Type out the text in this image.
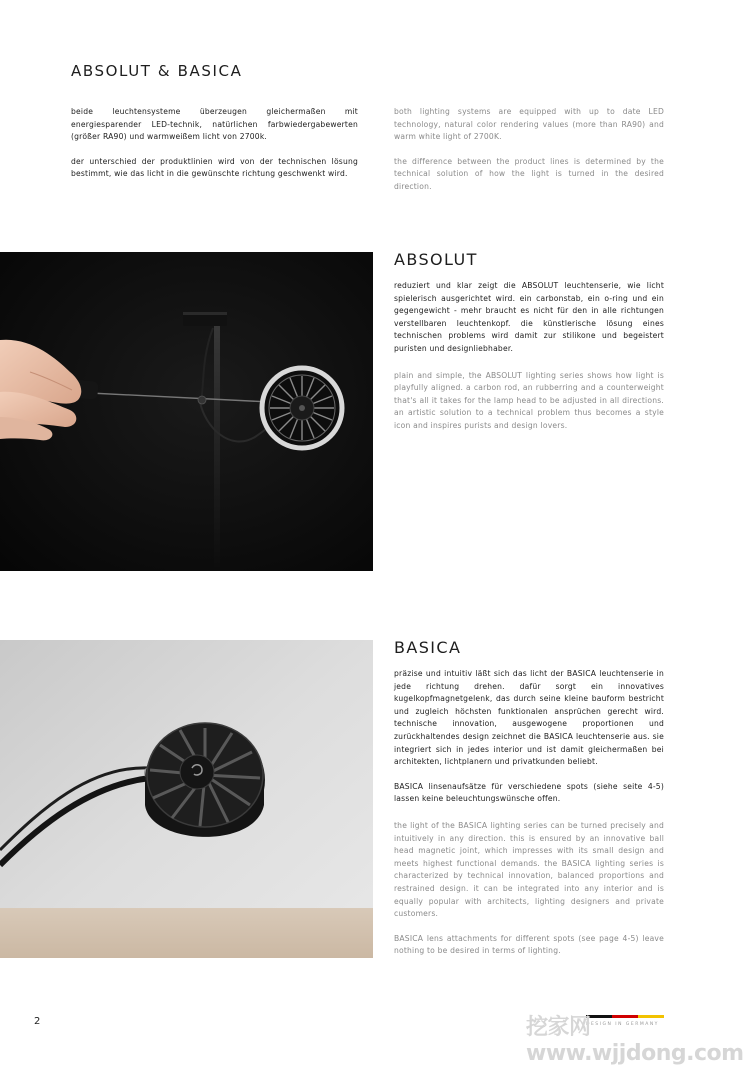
ABSOLUT & BASICA

beide leuchtensysteme überzeugen gleichermaßen mit energiesparender LED-technik, natürlichen farbwiedergabewerten (größer RA90) und warmweißem licht von 2700k.

der unterschied der produktlinien wird von der technischen lösung bestimmt, wie das licht in die gewünschte richtung geschwenkt wird.

both lighting systems are equipped with up to date LED technology, natural color rendering values (more than RA90) and warm white light of 2700K.

the difference between the product lines is determined by the technical solution of how the light is turned in the desired direction.

ABSOLUT

reduziert und klar zeigt die ABSOLUT leuchtenserie, wie licht spielerisch ausgerichtet wird. ein carbonstab, ein o-ring und ein gegengewicht - mehr braucht es nicht für den in alle richtungen verstellbaren leuchtenkopf. die künstlerische lösung eines technischen problems wird damit zur stilikone und begeistert puristen und designliebhaber.

plain and simple, the ABSOLUT lighting series shows how light is playfully aligned. a carbon rod, an rubberring and a counterweight that's all it takes for the lamp head to be adjusted in all directions. an artistic solution to a technical problem thus becomes a style icon and inspires purists and design lovers.

BASICA

präzise und intuitiv läßt sich das licht der BASICA leuchtenserie in jede richtung drehen. dafür sorgt ein innovatives kugelkopfmagnetgelenk, das durch seine kleine bauform bestricht und zugleich höchsten funktionalen ansprüchen gerecht wird. technische innovation, ausgewogene proportionen und zurückhaltendes design zeichnet die BASICA leuchtenserie aus. sie integriert sich in jedes interior und ist damit gleichermaßen bei architekten, lichtplanern und privatkunden beliebt.

BASICA linsenaufsätze für verschiedene spots (siehe seite 4-5) lassen keine beleuchtungswünsche offen.

the light of the BASICA lighting series can be turned precisely and intuitively in any direction. this is ensured by an innovative ball head magnetic joint, which impresses with its small design and meets highest functional demands. the BASICA lighting series is characterized by technical innovation, balanced proportions and restrained design. it can be integrated into any interior and is equally popular with architects, lighting designers and private customers.

BASICA lens attachments for different spots (see page 4-5) leave nothing to be desired in terms of lighting.

2	DESIGN IN GERMANY
挖家网 www.wjjdong.com
